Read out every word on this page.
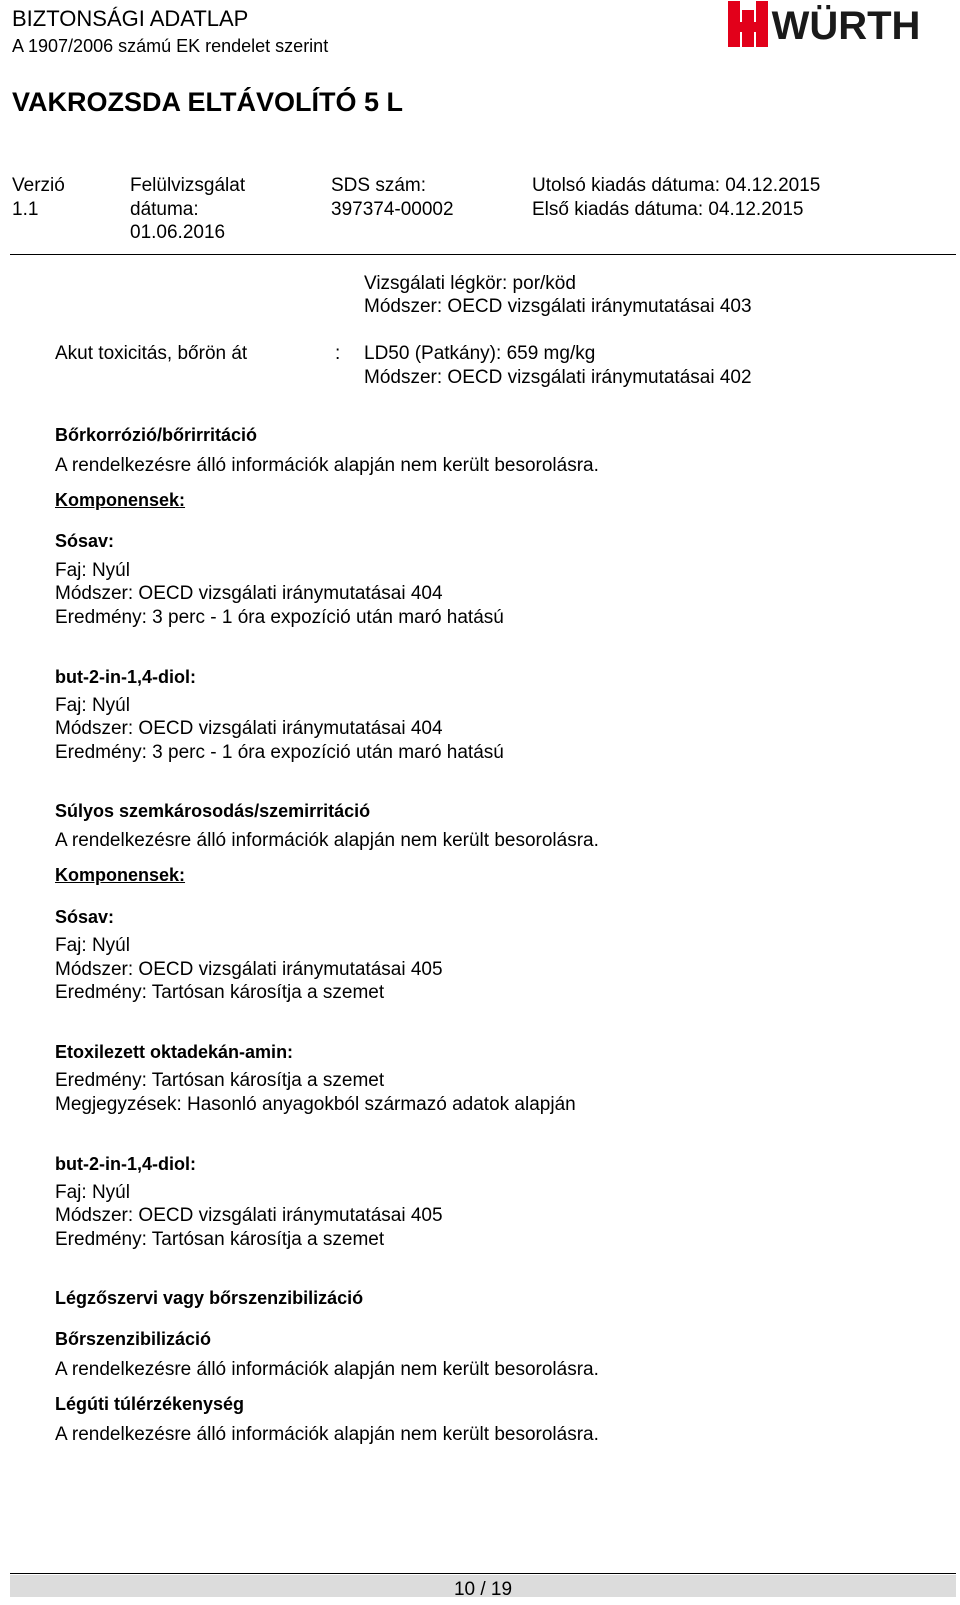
BIZTONSÁGI ADATLAP
A 1907/2006 számú EK rendelet szerint	WÜRTH
VAKROZSDA ELTÁVOLÍTÓ 5 L
Verzió
1.1
Felülvizsgálat
dátuma:
01.06.2016
SDS szám:
397374-00002
Utolsó kiadás dátuma: 04.12.2015
Első kiadás dátuma: 04.12.2015
Vizsgálati légkör: por/köd
Módszer: OECD vizsgálati iránymutatásai 403
Akut toxicitás, bőrön át	: LD50 (Patkány): 659 mg/kg
Módszer: OECD vizsgálati iránymutatásai 402
Bőrkorrózió/bőrirritáció
A rendelkezésre álló információk alapján nem került besorolásra.
Komponensek:
Sósav:
Faj: Nyúl
Módszer: OECD vizsgálati iránymutatásai 404
Eredmény: 3 perc - 1 óra expozíció után maró hatású
but-2-in-1,4-diol:
Faj: Nyúl
Módszer: OECD vizsgálati iránymutatásai 404
Eredmény: 3 perc - 1 óra expozíció után maró hatású
Súlyos szemkárosodás/szemirritáció
A rendelkezésre álló információk alapján nem került besorolásra.
Komponensek:
Sósav:
Faj: Nyúl
Módszer: OECD vizsgálati iránymutatásai 405
Eredmény: Tartósan károsítja a szemet
Etoxilezett oktadekán-amin:
Eredmény: Tartósan károsítja a szemet
Megjegyzések: Hasonló anyagokból származó adatok alapján
but-2-in-1,4-diol:
Faj: Nyúl
Módszer: OECD vizsgálati iránymutatásai 405
Eredmény: Tartósan károsítja a szemet
Légzőszervi vagy bőrszenzibilizáció
Bőrszenzibilizáció
A rendelkezésre álló információk alapján nem került besorolásra.
Légúti túlérzékenység
A rendelkezésre álló információk alapján nem került besorolásra.
10 / 19
